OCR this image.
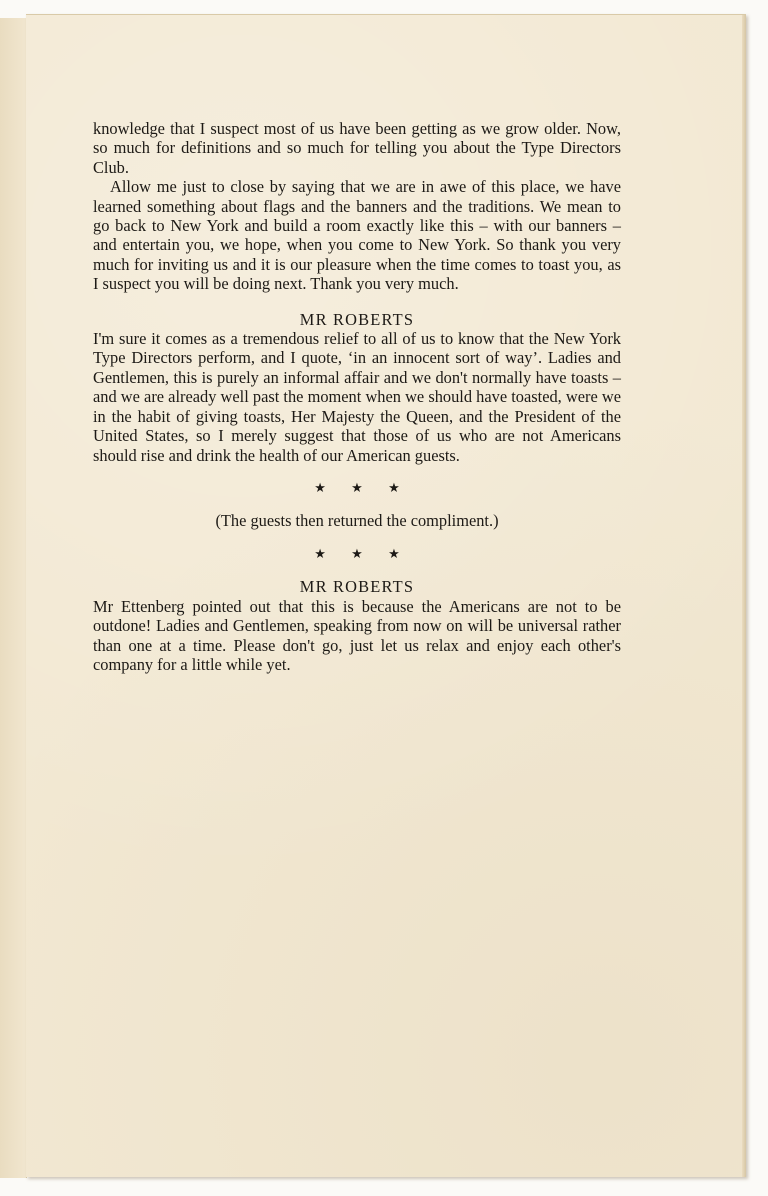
knowledge that I suspect most of us have been getting as we grow older. Now, so much for definitions and so much for telling you about the Type Directors Club.

Allow me just to close by saying that we are in awe of this place, we have learned something about flags and the banners and the traditions. We mean to go back to New York and build a room exactly like this – with our banners – and entertain you, we hope, when you come to New York. So thank you very much for inviting us and it is our pleasure when the time comes to toast you, as I suspect you will be doing next. Thank you very much.

MR ROBERTS

I'm sure it comes as a tremendous relief to all of us to know that the New York Type Directors perform, and I quote, ‘in an innocent sort of way’. Ladies and Gentlemen, this is purely an informal affair and we don't normally have toasts – and we are already well past the moment when we should have toasted, were we in the habit of giving toasts, Her Majesty the Queen, and the President of the United States, so I merely suggest that those of us who are not Americans should rise and drink the health of our American guests.

★ ★ ★

(The guests then returned the compliment.)

★ ★ ★

MR ROBERTS

Mr Ettenberg pointed out that this is because the Americans are not to be outdone! Ladies and Gentlemen, speaking from now on will be universal rather than one at a time. Please don't go, just let us relax and enjoy each other's company for a little while yet.
